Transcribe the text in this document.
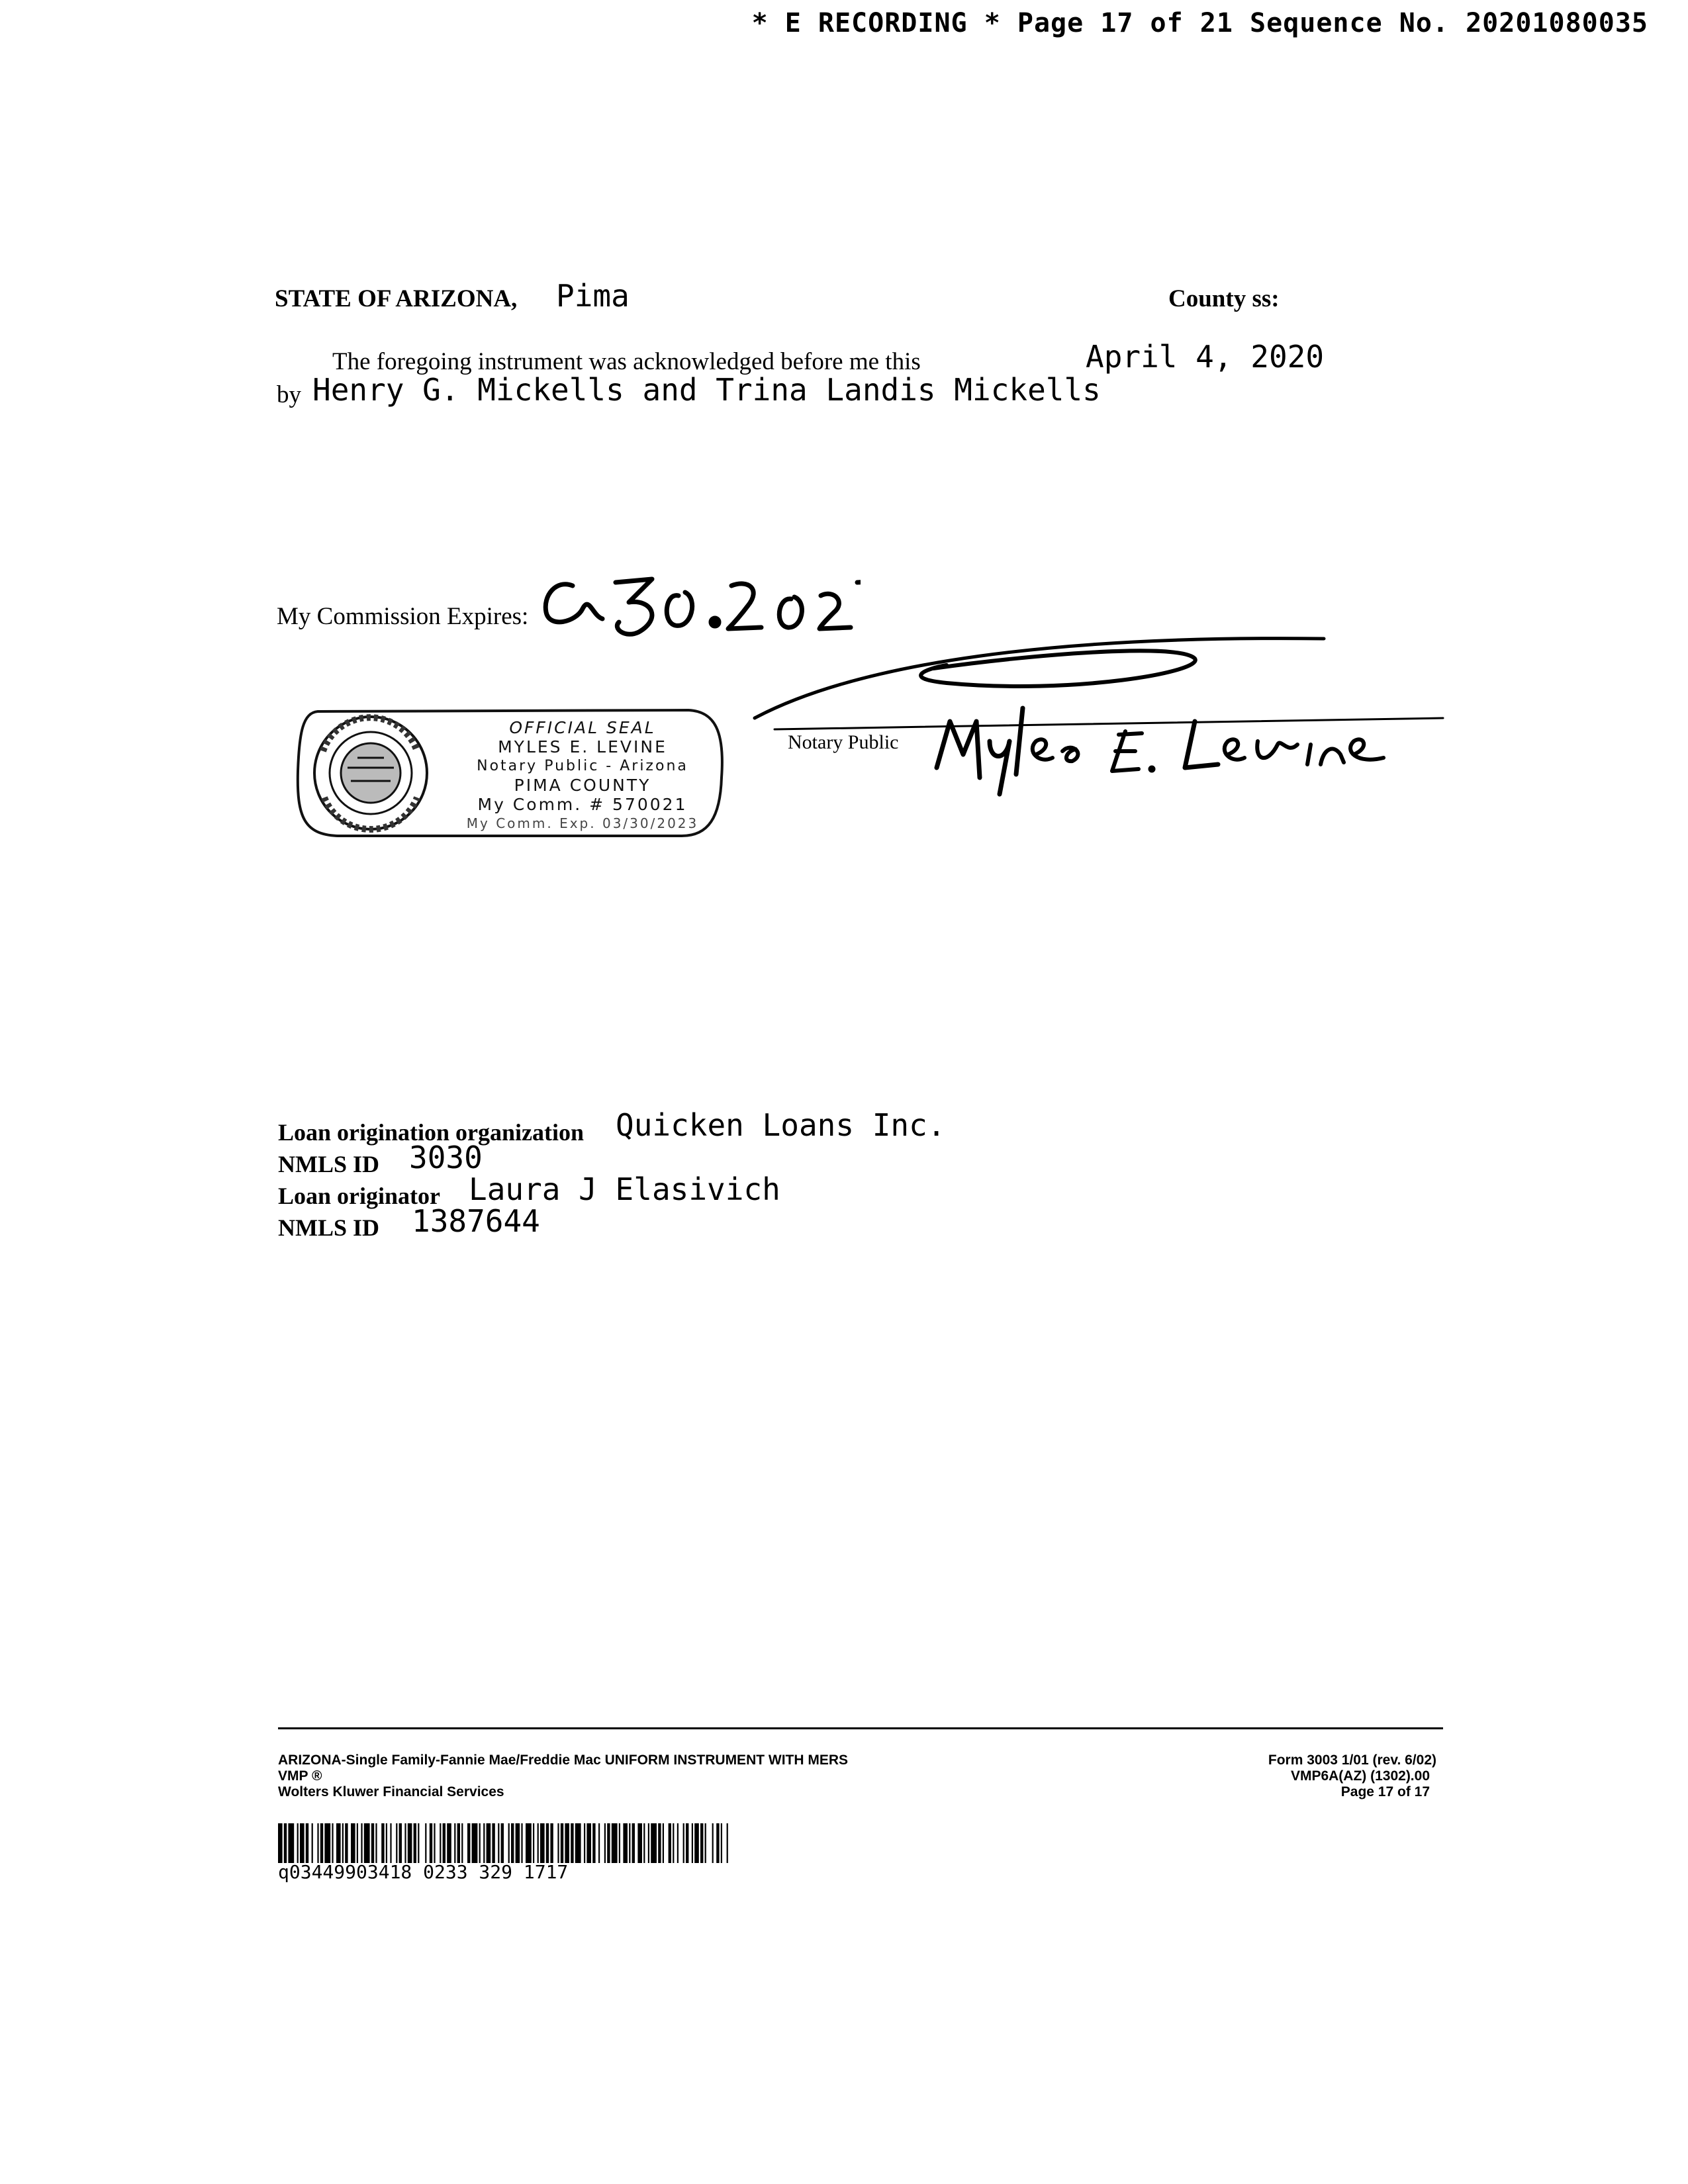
* E RECORDING * Page 17 of 21 Sequence No. 20201080035
STATE OF ARIZONA, Pima	County ss:
The foregoing instrument was acknowledged before me this	April 4, 2020
by Henry G. Mickells and Trina Landis Mickells
My Commission Expires:
Notary Public
OFFICIAL SEAL
MYLES E. LEVINE
Notary Public - Arizona
PIMA COUNTY
My Comm. # 570021
My Comm. Exp. 03/30/2023
Loan origination organization Quicken Loans Inc.
NMLS ID 3030
Loan originator Laura J Elasivich
NMLS ID 1387644
ARIZONA-Single Family-Fannie Mae/Freddie Mac UNIFORM INSTRUMENT WITH MERS
VMP ®
Wolters Kluwer Financial Services
Form 3003 1/01 (rev. 6/02)
VMP6A(AZ) (1302).00
Page 17 of 17
q03449903418 0233 329 1717
